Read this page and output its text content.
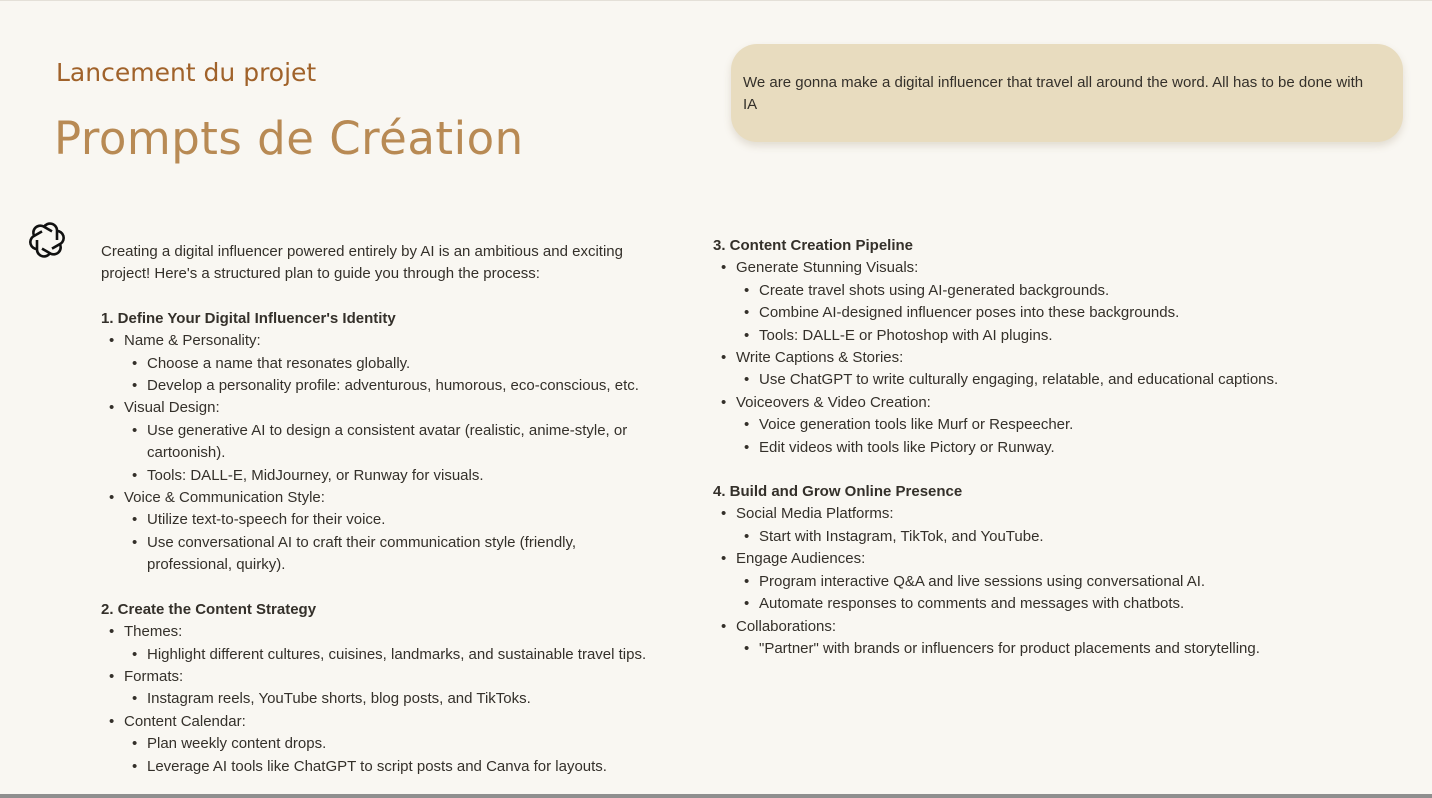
Lancement du projet
Prompts de Création
We are gonna make a digital influencer that travel all around the word. All has to be done with IA

Creating a digital influencer powered entirely by AI is an ambitious and exciting project! Here's a structured plan to guide you through the process:

1. Define Your Digital Influencer's Identity

• Name & Personality:
• Choose a name that resonates globally.
• Develop a personality profile: adventurous, humorous, eco-conscious, etc.
• Visual Design:
• Use generative AI to design a consistent avatar (realistic, anime-style, or cartoonish).
• Tools: DALL-E, MidJourney, or Runway for visuals.
• Voice & Communication Style:
• Utilize text-to-speech for their voice.
• Use conversational AI to craft their communication style (friendly, professional, quirky).

2. Create the Content Strategy

• Themes:
• Highlight different cultures, cuisines, landmarks, and sustainable travel tips.
• Formats:
• Instagram reels, YouTube shorts, blog posts, and TikToks.
• Content Calendar:
• Plan weekly content drops.
• Leverage AI tools like ChatGPT to script posts and Canva for layouts.

3. Content Creation Pipeline

• Generate Stunning Visuals:
• Create travel shots using AI-generated backgrounds.
• Combine AI-designed influencer poses into these backgrounds.
• Tools: DALL-E or Photoshop with AI plugins.
• Write Captions & Stories:
• Use ChatGPT to write culturally engaging, relatable, and educational captions.
• Voiceovers & Video Creation:
• Voice generation tools like Murf or Respeecher.
• Edit videos with tools like Pictory or Runway.

4. Build and Grow Online Presence

• Social Media Platforms:
• Start with Instagram, TikTok, and YouTube.
• Engage Audiences:
• Program interactive Q&A and live sessions using conversational AI.
• Automate responses to comments and messages with chatbots.
• Collaborations:
• "Partner" with brands or influencers for product placements and storytelling.
